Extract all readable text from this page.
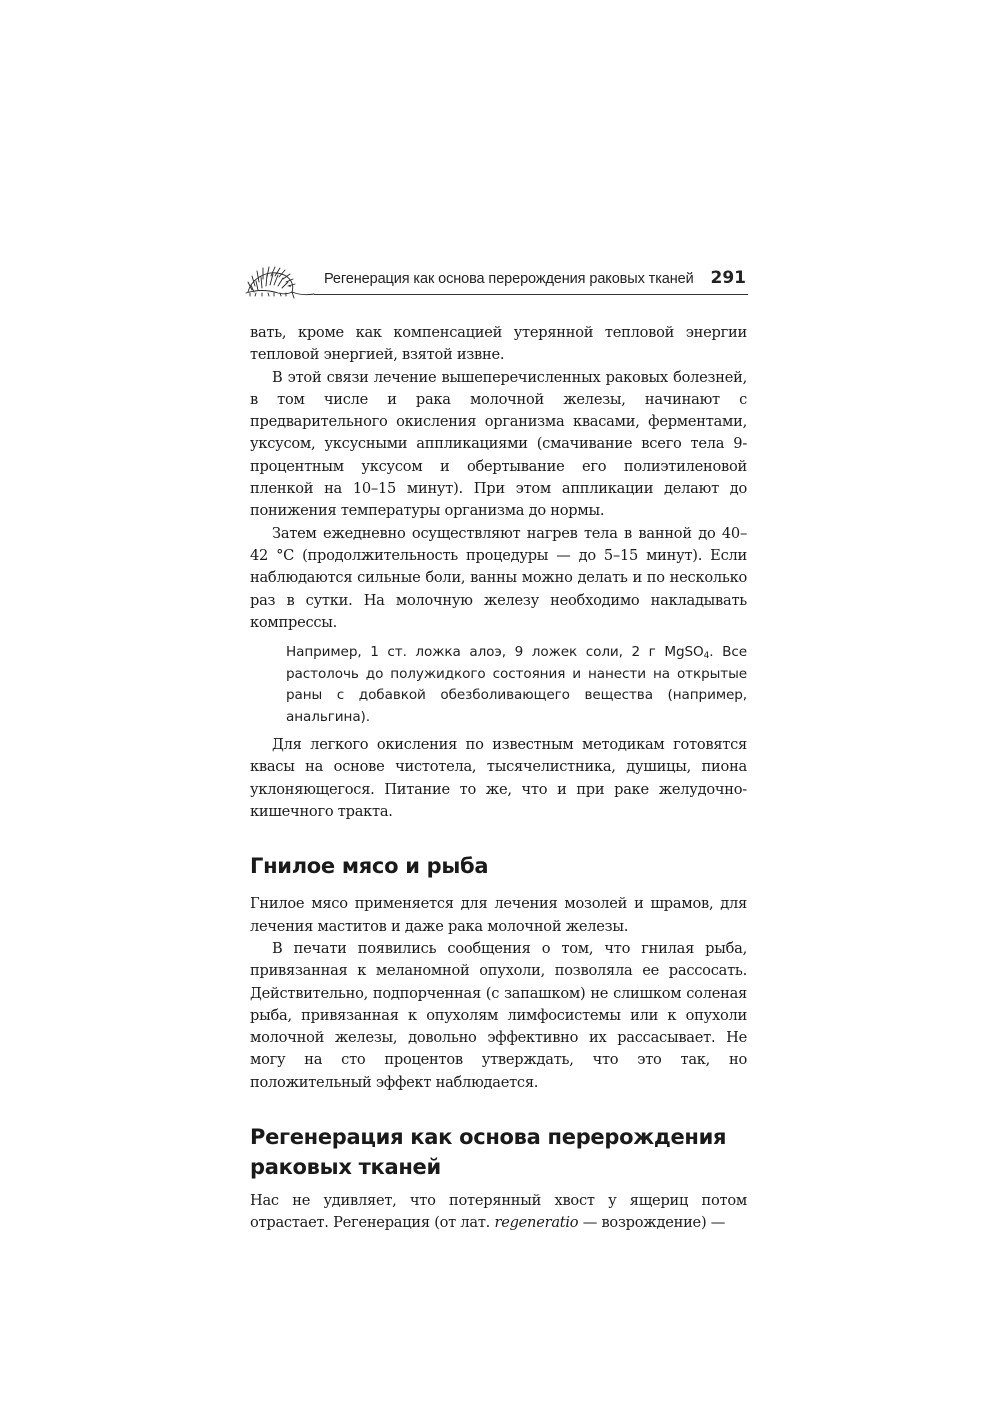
Регенерация как основа перерождения раковых тканей 291

вать, кроме как компенсацией утерянной тепловой энергии тепловой энергией, взятой извне.

В этой связи лечение вышеперечисленных раковых болезней, в том числе и рака молочной железы, начинают с предварительного окисления организма квасами, ферментами, уксусом, уксусными аппликациями (смачивание всего тела 9-процентным уксусом и обертывание его полиэтиленовой пленкой на 10–15 минут). При этом аппликации делают до понижения температуры организма до нормы.

Затем ежедневно осуществляют нагрев тела в ванной до 40–42 °С (продолжительность процедуры — до 5–15 минут). Если наблюдаются сильные боли, ванны можно делать и по несколько раз в сутки. На молочную железу необходимо накладывать компрессы.

Например, 1 ст. ложка алоэ, 9 ложек соли, 2 г MgSO$_4$. Все растолочь до полужидкого состояния и нанести на открытые раны с добавкой обезболивающего вещества (например, анальгина).

Для легкого окисления по известным методикам готовятся квасы на основе чистотела, тысячелистника, душицы, пиона уклоняющегося. Питание то же, что и при раке желудочно-кишечного тракта.

Гнилое мясо и рыба

Гнилое мясо применяется для лечения мозолей и шрамов, для лечения маститов и даже рака молочной железы.

В печати появились сообщения о том, что гнилая рыба, привязанная к меланомной опухоли, позволяла ее рассосать. Действительно, подпорченная (с запашком) не слишком соленая рыба, привязанная к опухолям лимфосистемы или к опухоли молочной железы, довольно эффективно их рассасывает. Не могу на сто процентов утверждать, что это так, но положительный эффект наблюдается.

Регенерация как основа перерождения
раковых тканей

Нас не удивляет, что потерянный хвост у ящериц потом отрастает. Регенерация (от лат. regeneratio — возрождение) —
